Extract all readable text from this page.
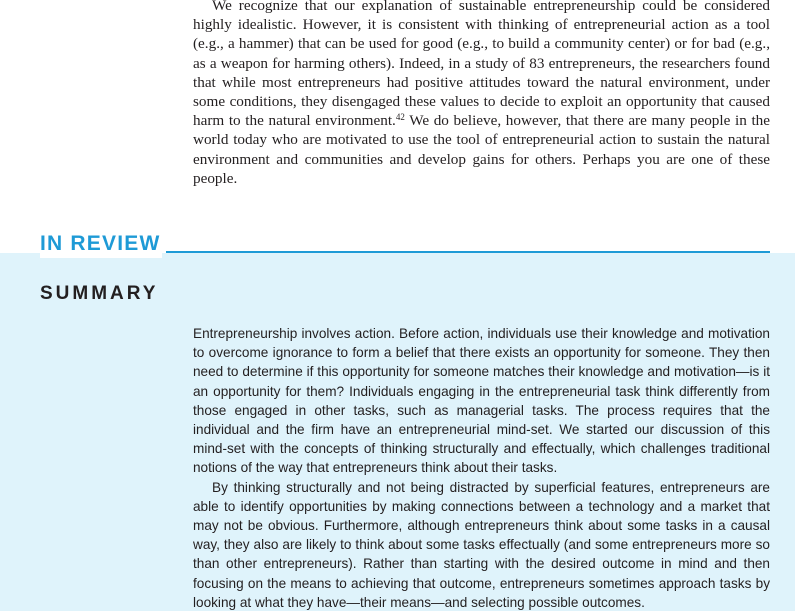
We recognize that our explanation of sustainable entrepreneurship could be considered highly idealistic. However, it is consistent with thinking of entrepreneurial action as a tool (e.g., a hammer) that can be used for good (e.g., to build a community center) or for bad (e.g., as a weapon for harming others). Indeed, in a study of 83 entrepreneurs, the researchers found that while most entrepreneurs had positive attitudes toward the natural environment, under some conditions, they disengaged these values to decide to exploit an opportunity that caused harm to the natural environment.$^{42}$ We do believe, however, that there are many people in the world today who are motivated to use the tool of entrepreneurial action to sustain the natural environment and communities and develop gains for others. Perhaps you are one of these people.

IN REVIEW
SUMMARY

Entrepreneurship involves action. Before action, individuals use their knowledge and motivation to overcome ignorance to form a belief that there exists an opportunity for someone. They then need to determine if this opportunity for someone matches their knowledge and motivation—is it an opportunity for them? Individuals engaging in the entrepreneurial task think differently from those engaged in other tasks, such as managerial tasks. The process requires that the individual and the firm have an entrepreneurial mind-set. We started our discussion of this mind-set with the concepts of thinking structurally and effectually, which challenges traditional notions of the way that entrepreneurs think about their tasks.

By thinking structurally and not being distracted by superficial features, entrepreneurs are able to identify opportunities by making connections between a technology and a market that may not be obvious. Furthermore, although entrepreneurs think about some tasks in a causal way, they also are likely to think about some tasks effectually (and some entrepreneurs more so than other entrepreneurs). Rather than starting with the desired outcome in mind and then focusing on the means to achieving that outcome, entrepreneurs sometimes approach tasks by looking at what they have—their means—and selecting possible outcomes.
